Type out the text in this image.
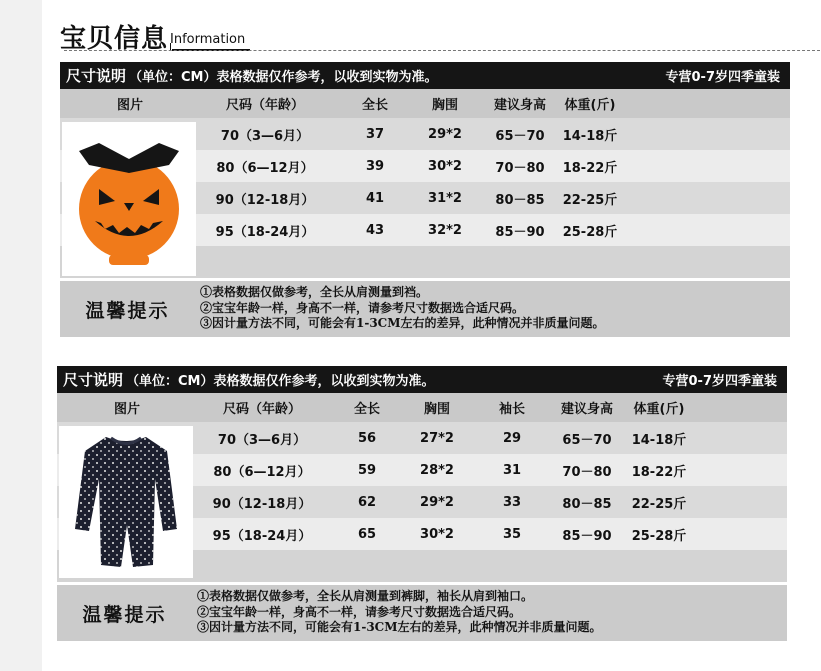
宝贝信息 Information
尺寸说明 （单位：CM）表格数据仅作参考，以收到实物为准。	专营0-7岁四季童装
图片	尺码（年龄）	全长	胸围	建议身高	体重(斤)
70（3—6月）	37	29*2	65－70	14-18斤
80（6—12月）	39	30*2	70－80	18-22斤
90（12-18月）	41	31*2	80－85	22-25斤
95（18-24月）	43	32*2	85－90	25-28斤
温馨提示
①表格数据仅做参考，全长从肩测量到裆。
②宝宝年龄一样，身高不一样，请参考尺寸数据选合适尺码。
③因计量方法不同，可能会有1-3CM左右的差异，此种情况并非质量问题。
尺寸说明 （单位：CM）表格数据仅作参考，以收到实物为准。	专营0-7岁四季童装
图片	尺码（年龄）	全长	胸围	袖长	建议身高	体重(斤)
70（3—6月）	56	27*2	29	65－70	14-18斤
80（6—12月）	59	28*2	31	70－80	18-22斤
90（12-18月）	62	29*2	33	80－85	22-25斤
95（18-24月）	65	30*2	35	85－90	25-28斤
温馨提示
①表格数据仅做参考，全长从肩测量到裤脚，袖长从肩到袖口。
②宝宝年龄一样，身高不一样，请参考尺寸数据选合适尺码。
③因计量方法不同，可能会有1-3CM左右的差异，此种情况并非质量问题。
